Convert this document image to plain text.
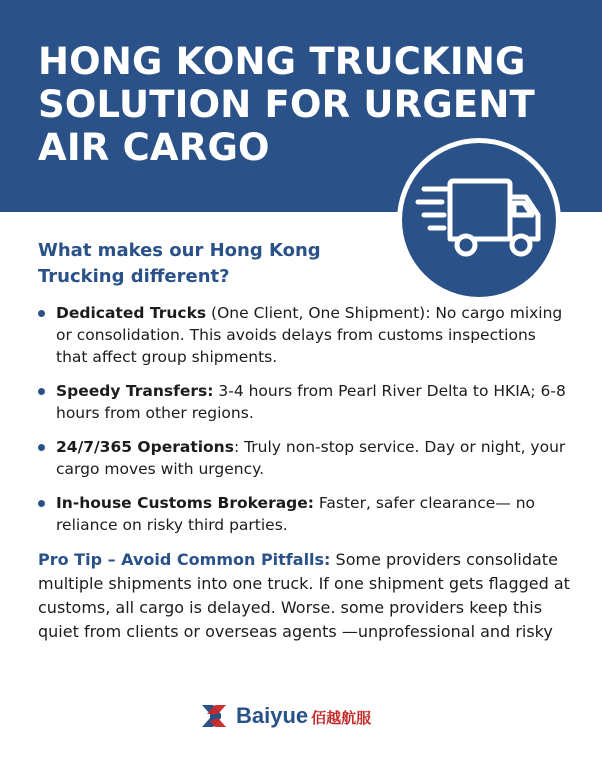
HONG KONG TRUCKING
SOLUTION FOR URGENT
AIR CARGO
What makes our Hong Kong
Trucking different?
Dedicated Trucks (One Client, One Shipment): No cargo mixing or consolidation. This avoids delays from customs inspections that affect group shipments.
Speedy Transfers: 3-4 hours from Pearl River Delta to HKIA; 6-8 hours from other regions.
24/7/365 Operations: Truly non-stop service. Day or night, your cargo moves with urgency.
In-house Customs Brokerage: Faster, safer clearance— no reliance on risky third parties.

Pro Tip – Avoid Common Pitfalls: Some providers consolidate multiple shipments into one truck. If one shipment gets flagged at customs, all cargo is delayed. Worse. some providers keep this quiet from clients or overseas agents —unprofessional and risky

Baiyue 佰越航服
